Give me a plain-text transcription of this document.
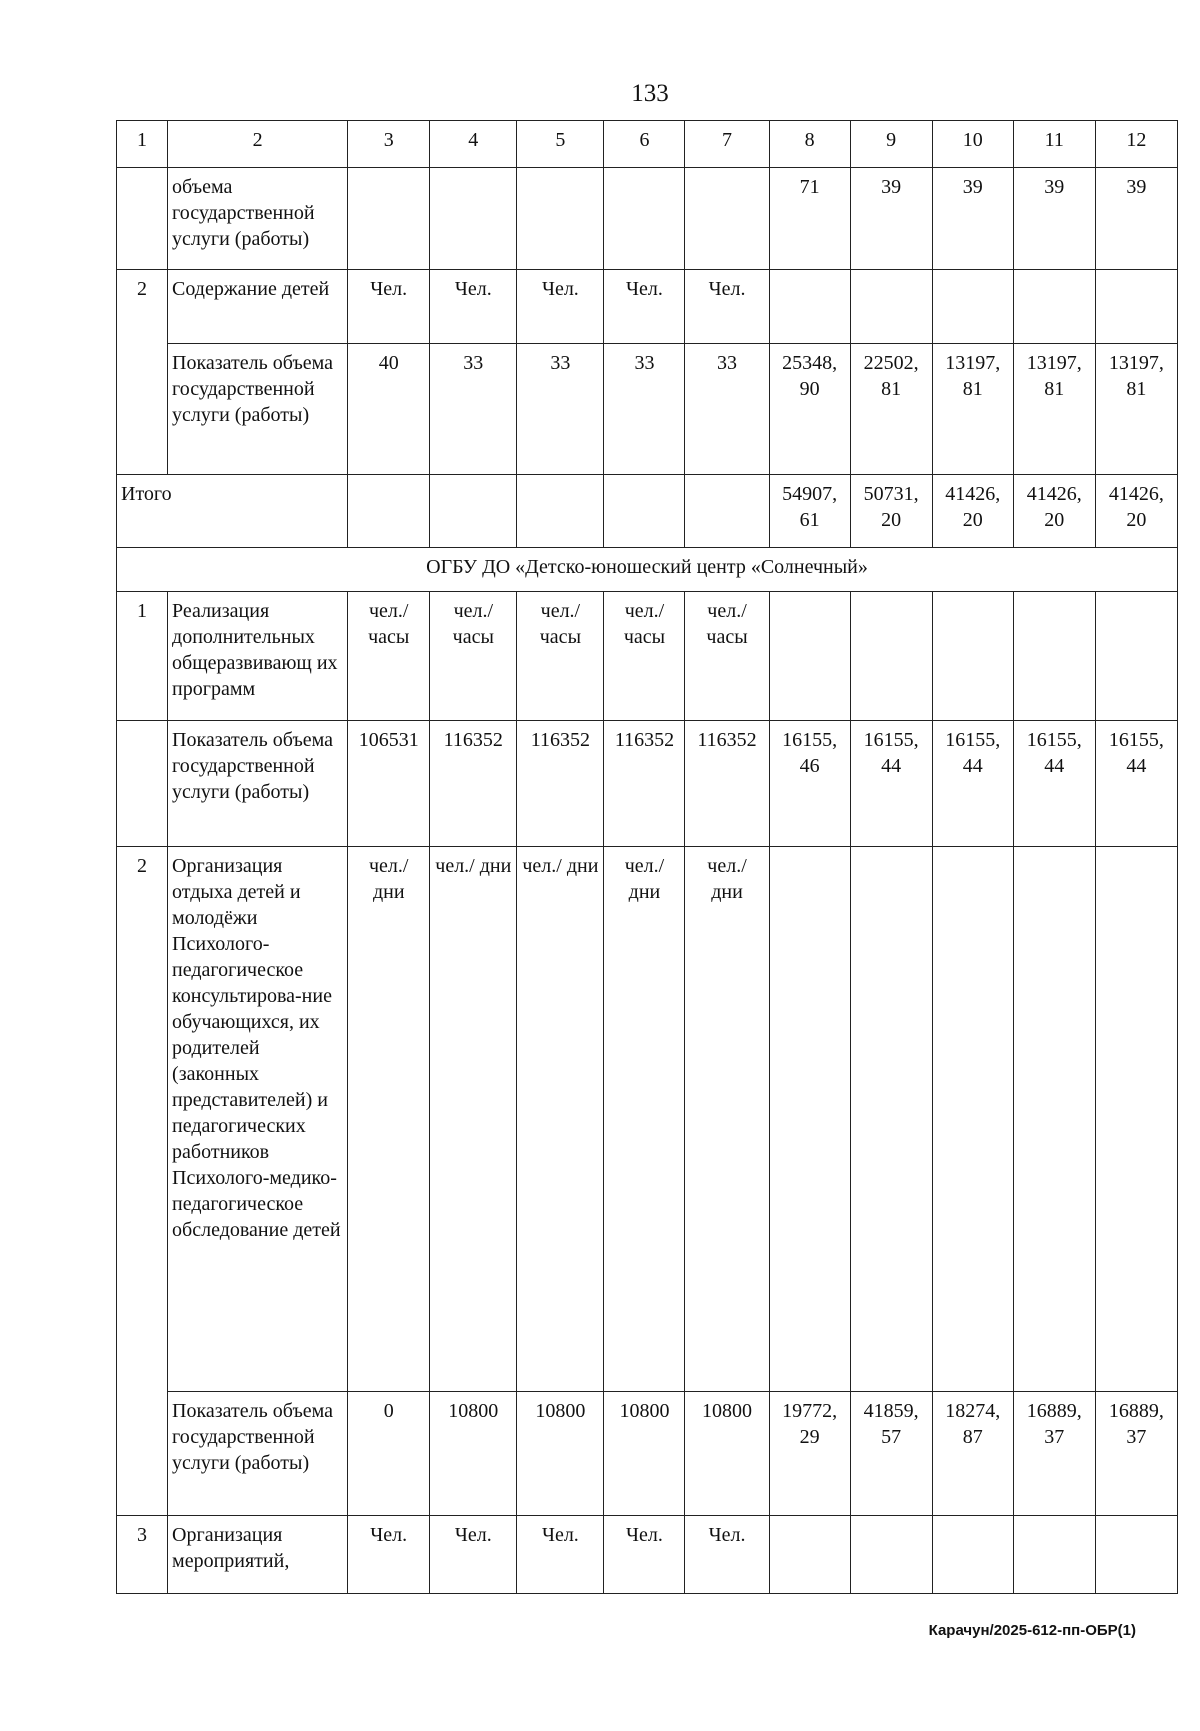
133
1	2	3	4	5	6	7	8	9	10	11	12
	объема государственной услуги (работы)						71	39	39	39	39
2	Содержание детей	Чел.	Чел.	Чел.	Чел.	Чел.					
	Показатель объема государственной услуги (работы)	40	33	33	33	33	25348, 90	22502, 81	13197, 81	13197, 81	13197, 81
Итого							54907, 61	50731, 20	41426, 20	41426, 20	41426, 20
ОГБУ ДО «Детско-юношеский центр «Солнечный»											
1	Реализация дополнительных общеразвивающ их программ	чел./ часы	чел./ часы	чел./ часы	чел./ часы	чел./ часы					
	Показатель объема государственной услуги (работы)	106531	116352	116352	116352	116352	16155, 46	16155, 44	16155, 44	16155, 44	16155, 44
2	Организация отдыха детей и молодёжи Психолого-педагогическое консультирова-ние обучающихся, их родителей (законных представителей) и педагогических работников Психолого-медико-педагогическое обследование детей	чел./ дни	чел./ дни	чел./ дни	чел./ дни	чел./ дни					
	Показатель объема государственной услуги (работы)	0	10800	10800	10800	10800	19772, 29	41859, 57	18274, 87	16889, 37	16889, 37
3	Организация мероприятий,	Чел.	Чел.	Чел.	Чел.	Чел.					
Карачун/2025-612-пп-ОБР(1)
